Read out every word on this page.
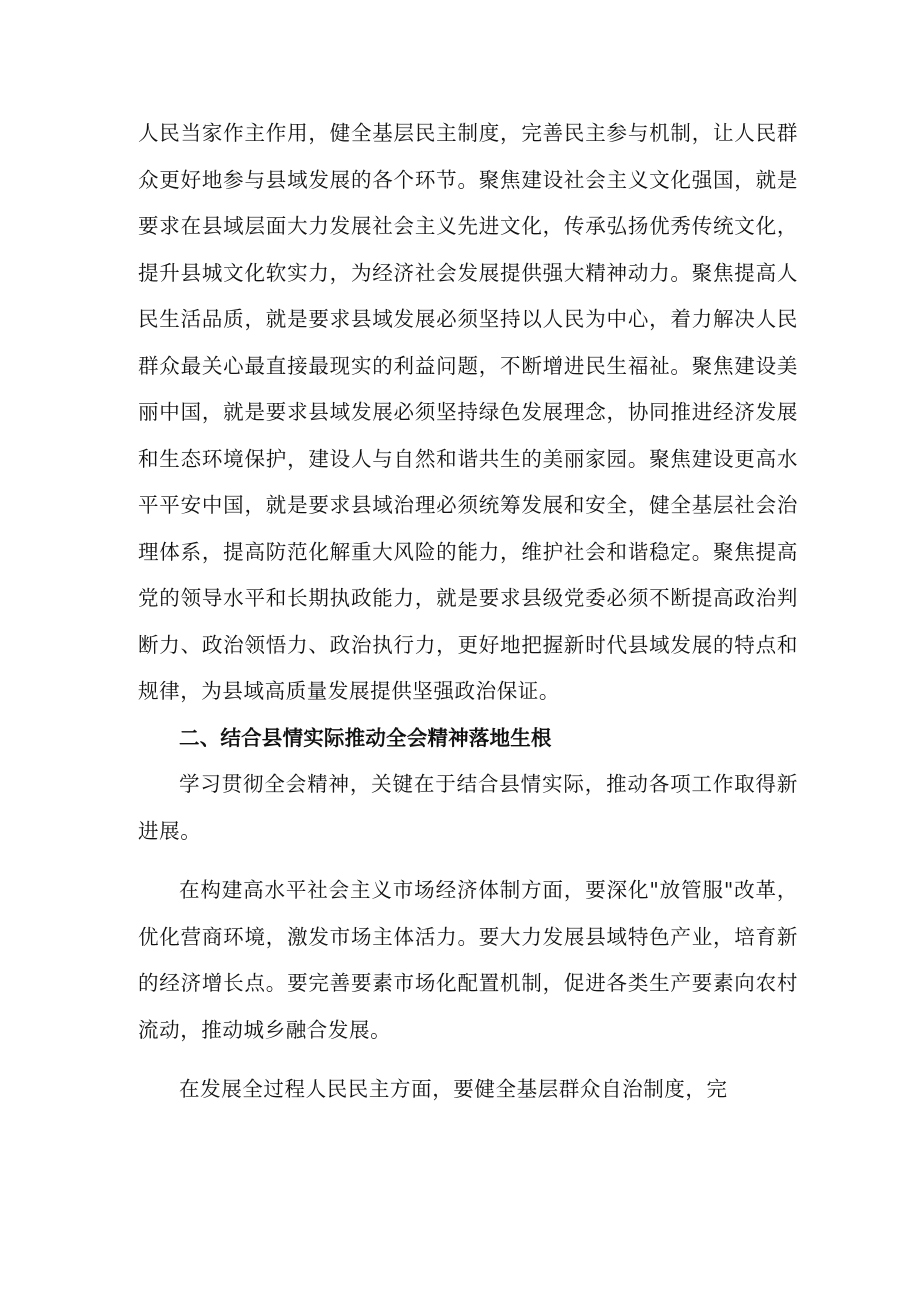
人民当家作主作用，健全基层民主制度，完善民主参与机制，让人民群众更好地参与县域发展的各个环节。聚焦建设社会主义文化强国，就是要求在县域层面大力发展社会主义先进文化，传承弘扬优秀传统文化，提升县城文化软实力，为经济社会发展提供强大精神动力。聚焦提高人民生活品质，就是要求县域发展必须坚持以人民为中心，着力解决人民群众最关心最直接最现实的利益问题，不断增进民生福祉。聚焦建设美丽中国，就是要求县域发展必须坚持绿色发展理念，协同推进经济发展和生态环境保护，建设人与自然和谐共生的美丽家园。聚焦建设更高水平平安中国，就是要求县域治理必须统筹发展和安全，健全基层社会治理体系，提高防范化解重大风险的能力，维护社会和谐稳定。聚焦提高党的领导水平和长期执政能力，就是要求县级党委必须不断提高政治判断力、政治领悟力、政治执行力，更好地把握新时代县域发展的特点和规律，为县域高质量发展提供坚强政治保证。

二、结合县情实际推动全会精神落地生根

学习贯彻全会精神，关键在于结合县情实际，推动各项工作取得新进展。

在构建高水平社会主义市场经济体制方面，要深化"放管服"改革，优化营商环境，激发市场主体活力。要大力发展县域特色产业，培育新的经济增长点。要完善要素市场化配置机制，促进各类生产要素向农村流动，推动城乡融合发展。

在发展全过程人民民主方面，要健全基层群众自治制度，完
